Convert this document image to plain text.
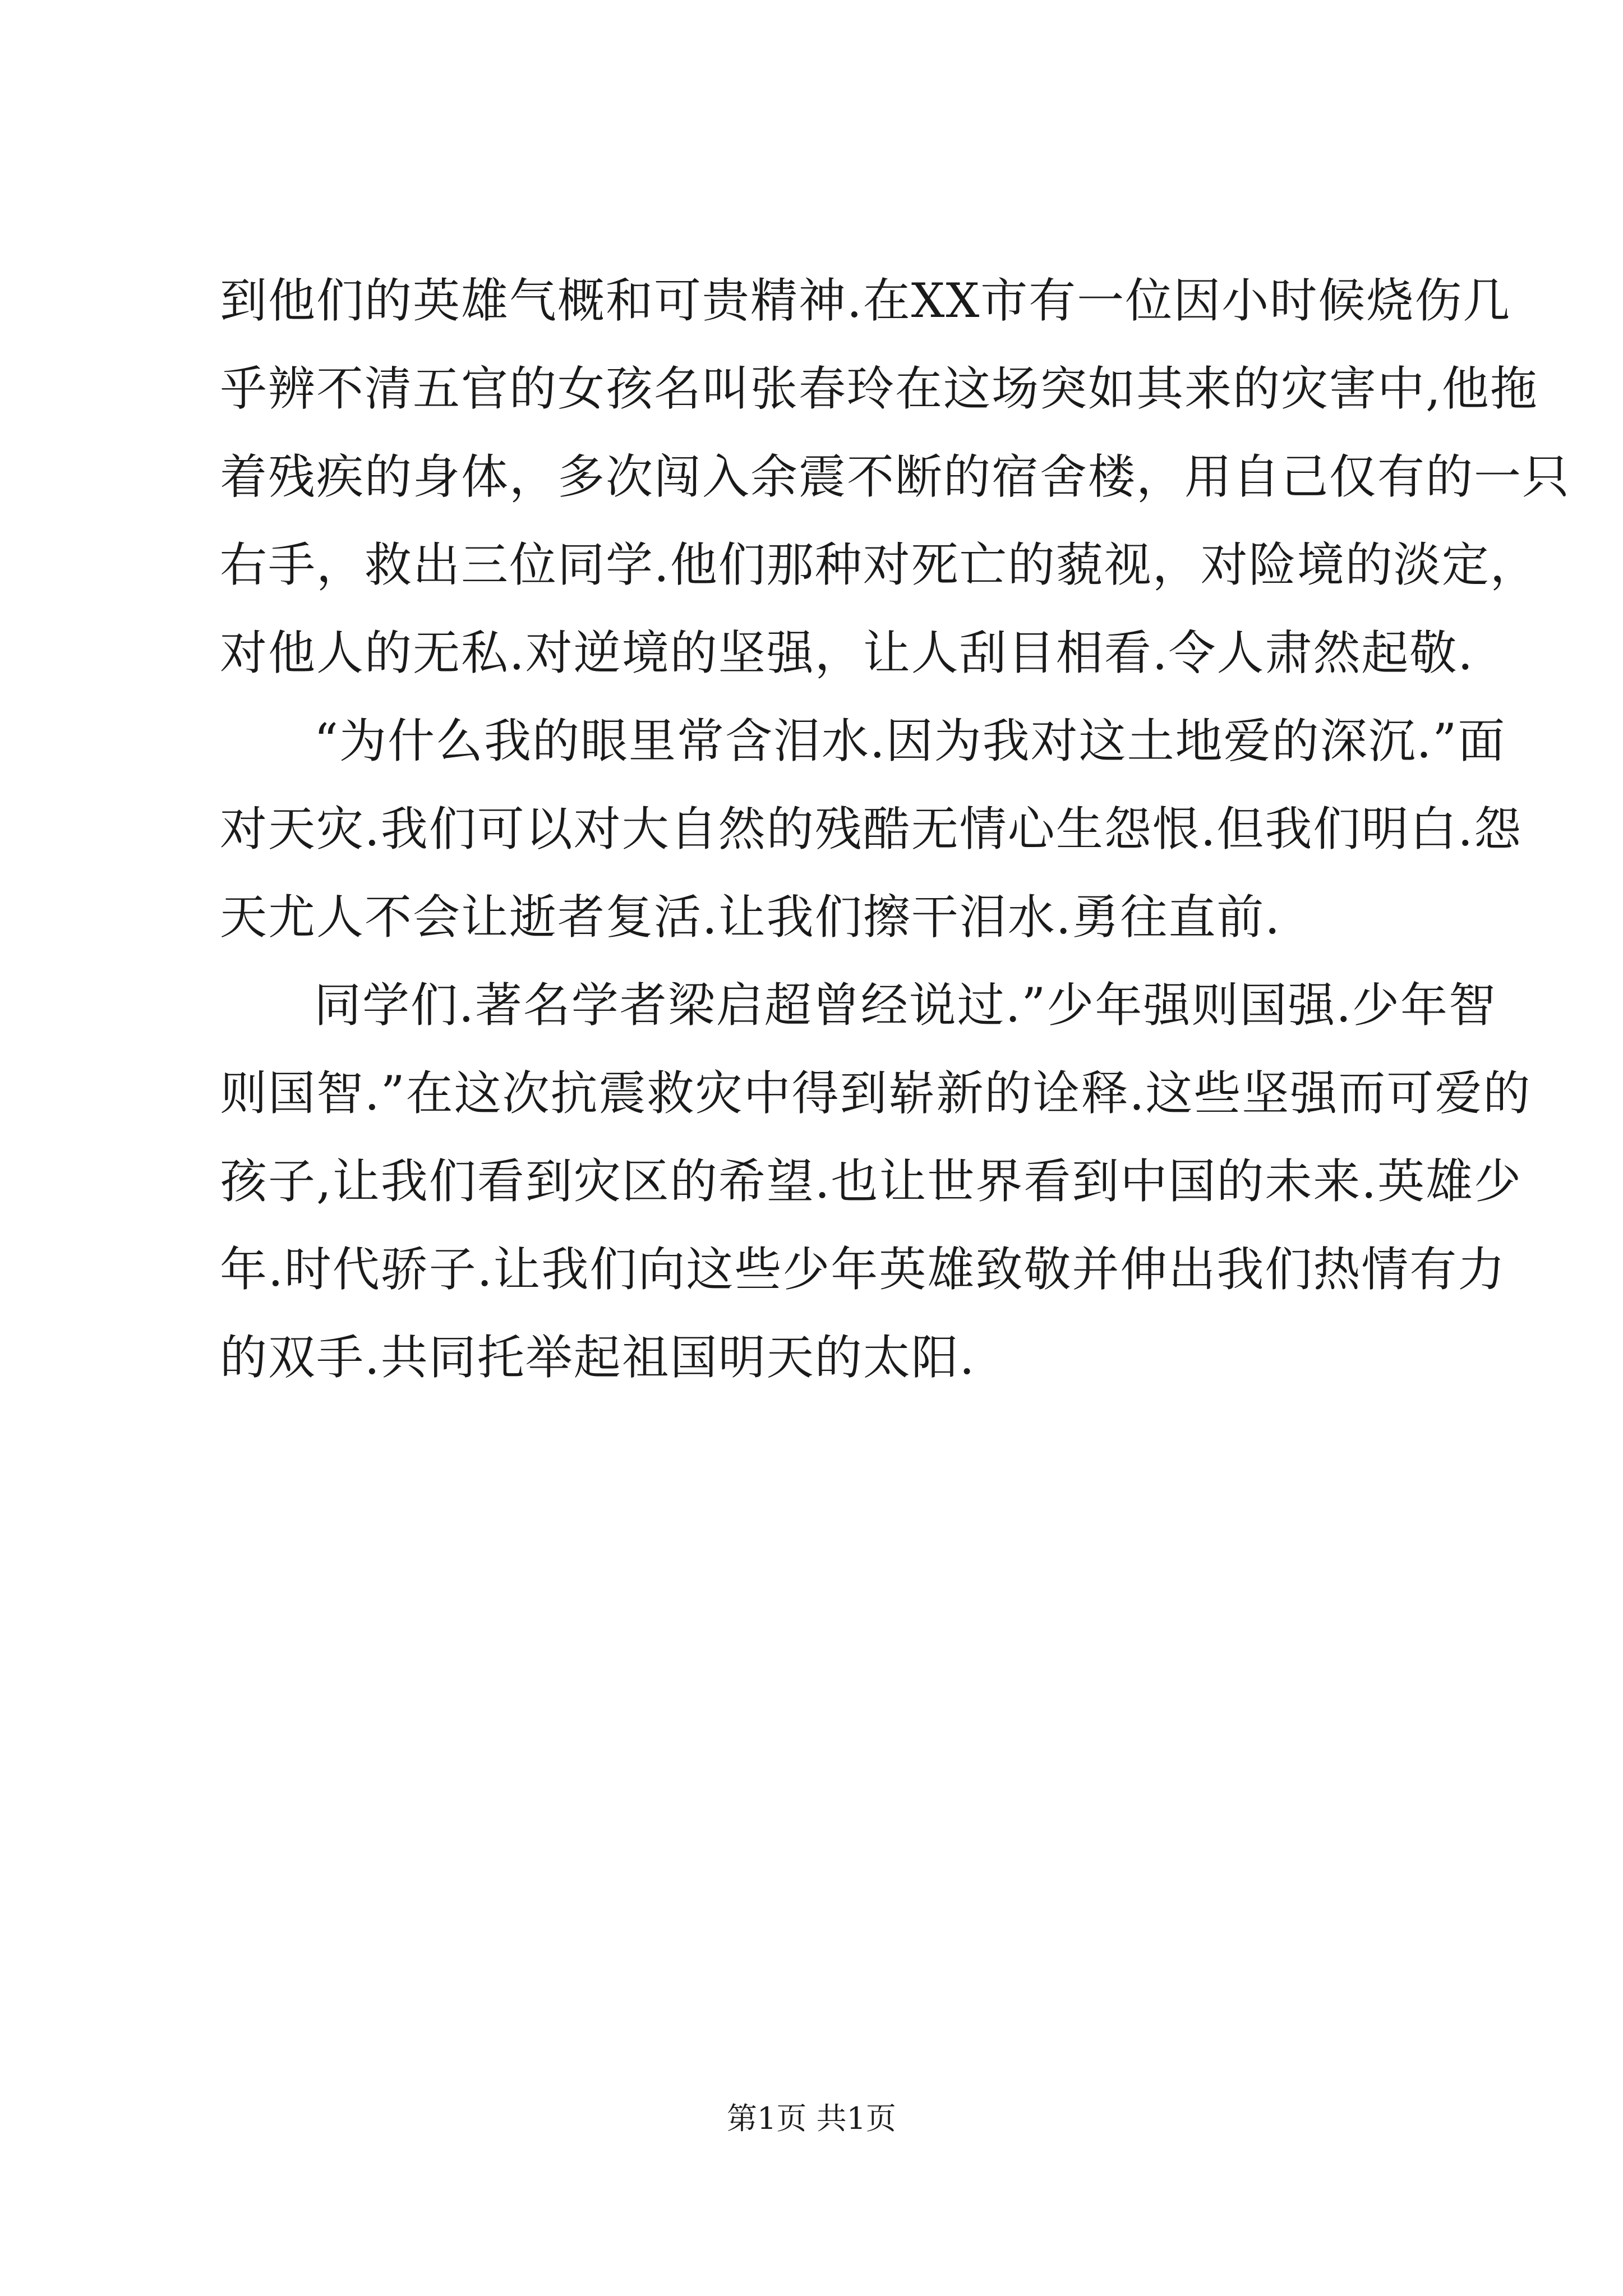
到他们的英雄气概和可贵精神.在XX市有一位因小时候烧伤几
乎辨不清五官的女孩名叫张春玲在这场突如其来的灾害中,他拖
着残疾的身体，多次闯入余震不断的宿舍楼，用自己仅有的一只
右手，救出三位同学.他们那种对死亡的藐视，对险境的淡定，
对他人的无私.对逆境的坚强，让人刮目相看.令人肃然起敬.
“为什么我的眼里常含泪水.因为我对这土地爱的深沉.”面
对天灾.我们可以对大自然的残酷无情心生怨恨.但我们明白.怨
天尤人不会让逝者复活.让我们擦干泪水.勇往直前.
同学们.著名学者梁启超曾经说过.”少年强则国强.少年智
则国智.”在这次抗震救灾中得到崭新的诠释.这些坚强而可爱的
孩子,让我们看到灾区的希望.也让世界看到中国的未来.英雄少
年.时代骄子.让我们向这些少年英雄致敬并伸出我们热情有力
的双手.共同托举起祖国明天的太阳.
第1页 共1页
